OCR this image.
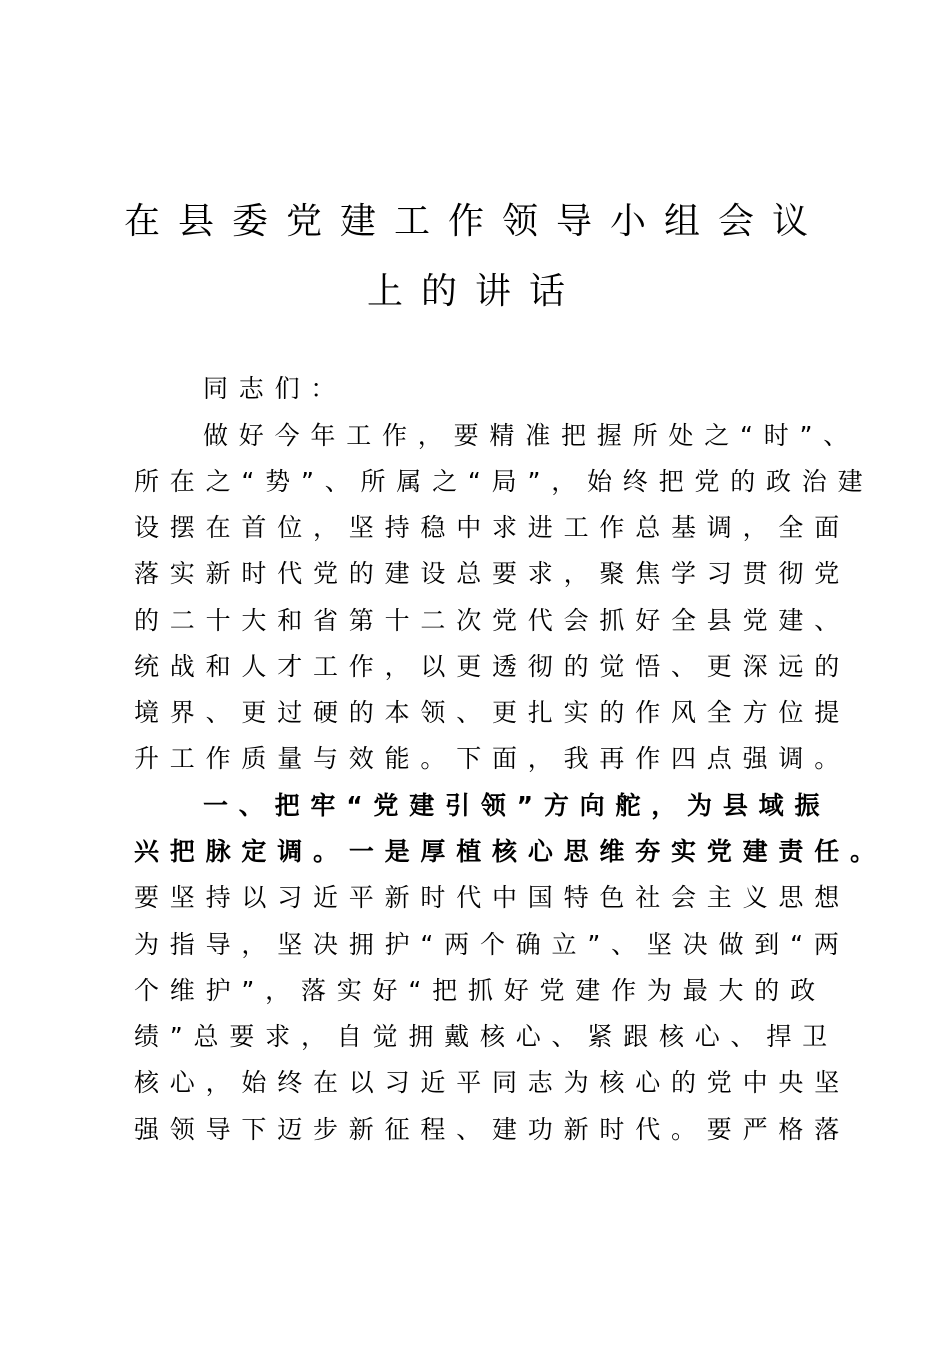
在县委党建工作领导小组会议
上的讲话
同志们：
做好今年工作，要精准把握所处之“时”、
所在之“势”、所属之“局”，始终把党的政治建
设摆在首位，坚持稳中求进工作总基调，全面
落实新时代党的建设总要求，聚焦学习贯彻党
的二十大和省第十二次党代会抓好全县党建、
统战和人才工作，以更透彻的觉悟、更深远的
境界、更过硬的本领、更扎实的作风全方位提
升工作质量与效能。下面，我再作四点强调。
一、把牢“党建引领”方向舵，为县域振
兴把脉定调。一是厚植核心思维夯实党建责任。
要坚持以习近平新时代中国特色社会主义思想
为指导，坚决拥护“两个确立”、坚决做到“两
个维护”，落实好“把抓好党建作为最大的政
绩”总要求，自觉拥戴核心、紧跟核心、捍卫
核心，始终在以习近平同志为核心的党中央坚
强领导下迈步新征程、建功新时代。要严格落
